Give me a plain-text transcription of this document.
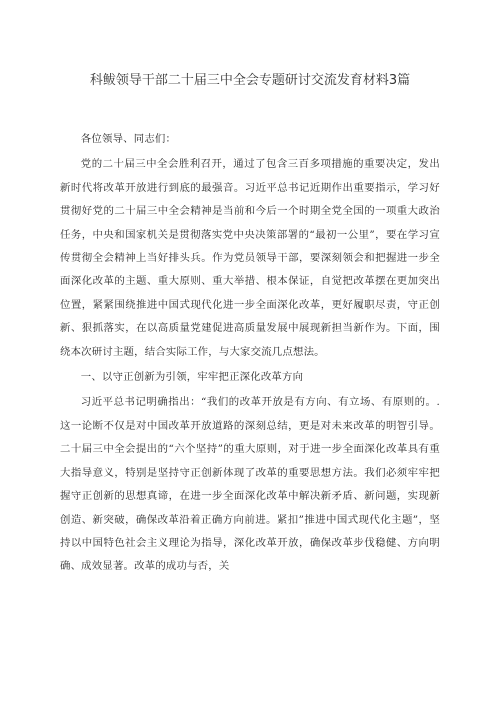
科鲅领导干部二十届三中全会专题研讨交流发育材料3篇

各位领导、同志们：

党的二十届三中全会胜利召开，通过了包含三百多项措施的重要决定，发出新时代将改革开放进行到底的最强音。习近平总书记近期作出重要指示，学习好贯彻好党的二十届三中全会精神是当前和今后一个时期全党全国的一项重大政治任务，中央和国家机关是贯彻落实党中央决策部署的“最初一公里”，要在学习宣传贯彻全会精神上当好排头兵。作为党员领导干部，要深刻领会和把握进一步全面深化改革的主题、重大原则、重大举措、根本保证，自觉把改革摆在更加突出位置，紧紧围绕推进中国式现代化进一步全面深化改革，更好履职尽责，守正创新、狠抓落实，在以高质量党建促进高质量发展中展现新担当新作为。下面，围绕本次研讨主题，结合实际工作，与大家交流几点想法。

一、以守正创新为引领，牢牢把正深化改革方向

习近平总书记明确指出：“我们的改革开放是有方向、有立场、有原则的。. 这一论断不仅是对中国改革开放道路的深刻总结，更是对未来改革的明智引导。二十届三中全会提出的“六个坚持”的重大原则，对于进一步全面深化改革具有重大指导意义，特别是坚持守正创新体现了改革的重要思想方法。我们必须牢牢把握守正创新的思想真谛，在进一步全面深化改革中解决新矛盾、新问题，实现新创造、新突破，确保改革沿着正确方向前进。紧扣”推进中国式现代化主题”，坚持以中国特色社会主义理论为指导，深化改革开放，确保改革步伐稳健、方向明确、成效显著。改革的成功与否，关
